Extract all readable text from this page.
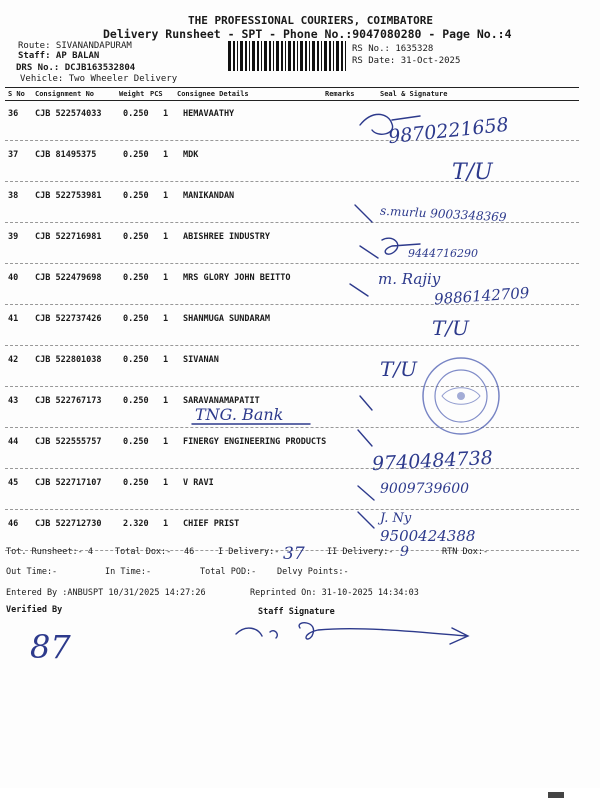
THE PROFESSIONAL COURIERS, COIMBATORE
Delivery Runsheet - SPT - Phone No.:9047080280 - Page No.:4
Route: SIVANANDAPURAM
Staff: AP BALAN
DRS No.: DCJB163532804
Vehicle: Two Wheeler Delivery
RS No.: 1635328
RS Date: 31-Oct-2025
S No Consignment No	Weight PCS Consignee Details	Remarks	Seal & Signature
36 CJB 522574033	0.250 1 HEMAVAATHY
37 CJB 81495375	0.250 1 MDK
38 CJB 522753981	0.250 1 MANIKANDAN
39 CJB 522716981	0.250 1 ABISHREE INDUSTRY
40 CJB 522479698	0.250 1 MRS GLORY JOHN BEITTO
41 CJB 522737426	0.250 1 SHANMUGA SUNDARAM
42 CJB 522801038	0.250 1 SIVANAN
43 CJB 522767173	0.250 1 SARAVANAMAPATIT
44 CJB 522555757	0.250 1 FINERGY ENGINEERING PRODUCTS
45 CJB 522717107	0.250 1 V RAVI
46 CJB 522712730	2.320 1 CHIEF PRIST
Tot. Runsheet:- 4	Total Dox:- 46	I Delivery:-	II Delivery:-	RTN Dox:-
Out Time:-	In Time:-	Total POD:- Delvy Points:-
Entered By :ANBUSPT 10/31/2025 14:27:26	Reprinted On: 31-10-2025 14:34:03
Verified By	Staff Signature
9870221658
T/U
s.murlu 9003348369
9444716290
m. Rajiy
9886142709
T/U
T/U
TNG. Bank
9740484738
9009739600
J. Ny
9500424388
37	9
87
